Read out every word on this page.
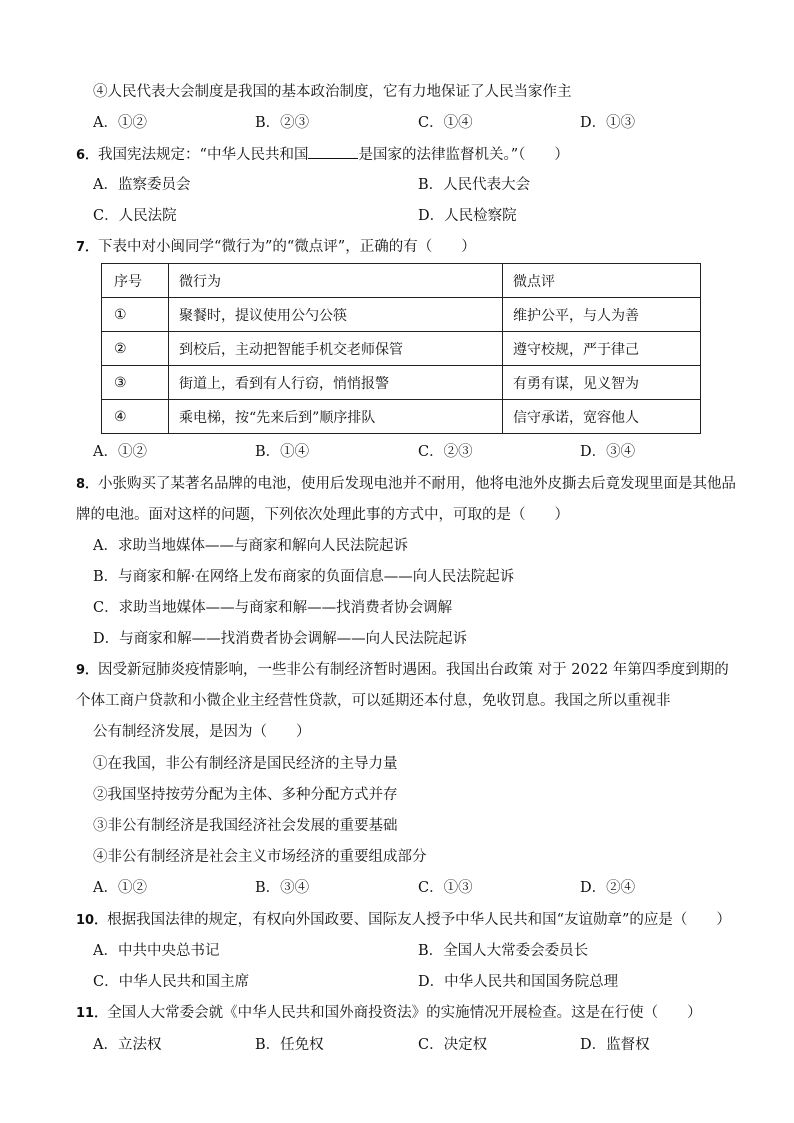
④人民代表大会制度是我国的基本政治制度，它有力地保证了人民当家作主
A．①②	B．②③	C．①④	D．①③
6．我国宪法规定：“中华人民共和国	是国家的法律监督机关。”（　　）
A．监察委员会	B．人民代表大会
C．人民法院	D．人民检察院
7．下表中对小闽同学“微行为”的“微点评”，正确的有（　　）
序号	微行为	微点评
①	聚餐时，提议使用公勺公筷	维护公平，与人为善
②	到校后，主动把智能手机交老师保管	遵守校规，严于律己
③	街道上，看到有人行窃，悄悄报警	有勇有谋，见义智为
④	乘电梯，按“先来后到”顺序排队	信守承诺，宽容他人
A．①②	B．①④	C．②③	D．③④
8．小张购买了某著名品牌的电池，使用后发现电池并不耐用，他将电池外皮撕去后竟发现里面是其他品
牌的电池。面对这样的问题，下列依次处理此事的方式中，可取的是（　　）
A．求助当地媒体——与商家和解向人民法院起诉
B．与商家和解·在网络上发布商家的负面信息——向人民法院起诉
C．求助当地媒体——与商家和解——找消费者协会调解
D．与商家和解——找消费者协会调解——向人民法院起诉
9．因受新冠肺炎疫情影响，一些非公有制经济暂时遇困。我国出台政策 对于 2022 年第四季度到期的
个体工商户贷款和小微企业主经营性贷款，可以延期还本付息，免收罚息。我国之所以重视非
公有制经济发展，是因为（　　）
①在我国，非公有制经济是国民经济的主导力量
②我国坚持按劳分配为主体、多种分配方式并存
③非公有制经济是我国经济社会发展的重要基础
④非公有制经济是社会主义市场经济的重要组成部分
A．①②	B．③④	C．①③	D．②④
10．根据我国法律的规定，有权向外国政要、国际友人授予中华人民共和国“友谊勋章”的应是（　　）
A．中共中央总书记	B．全国人大常委会委员长
C．中华人民共和国主席	D．中华人民共和国国务院总理
11．全国人大常委会就《中华人民共和国外商投资法》的实施情况开展检查。这是在行使（　　）
A．立法权	B．任免权	C．决定权	D．监督权
